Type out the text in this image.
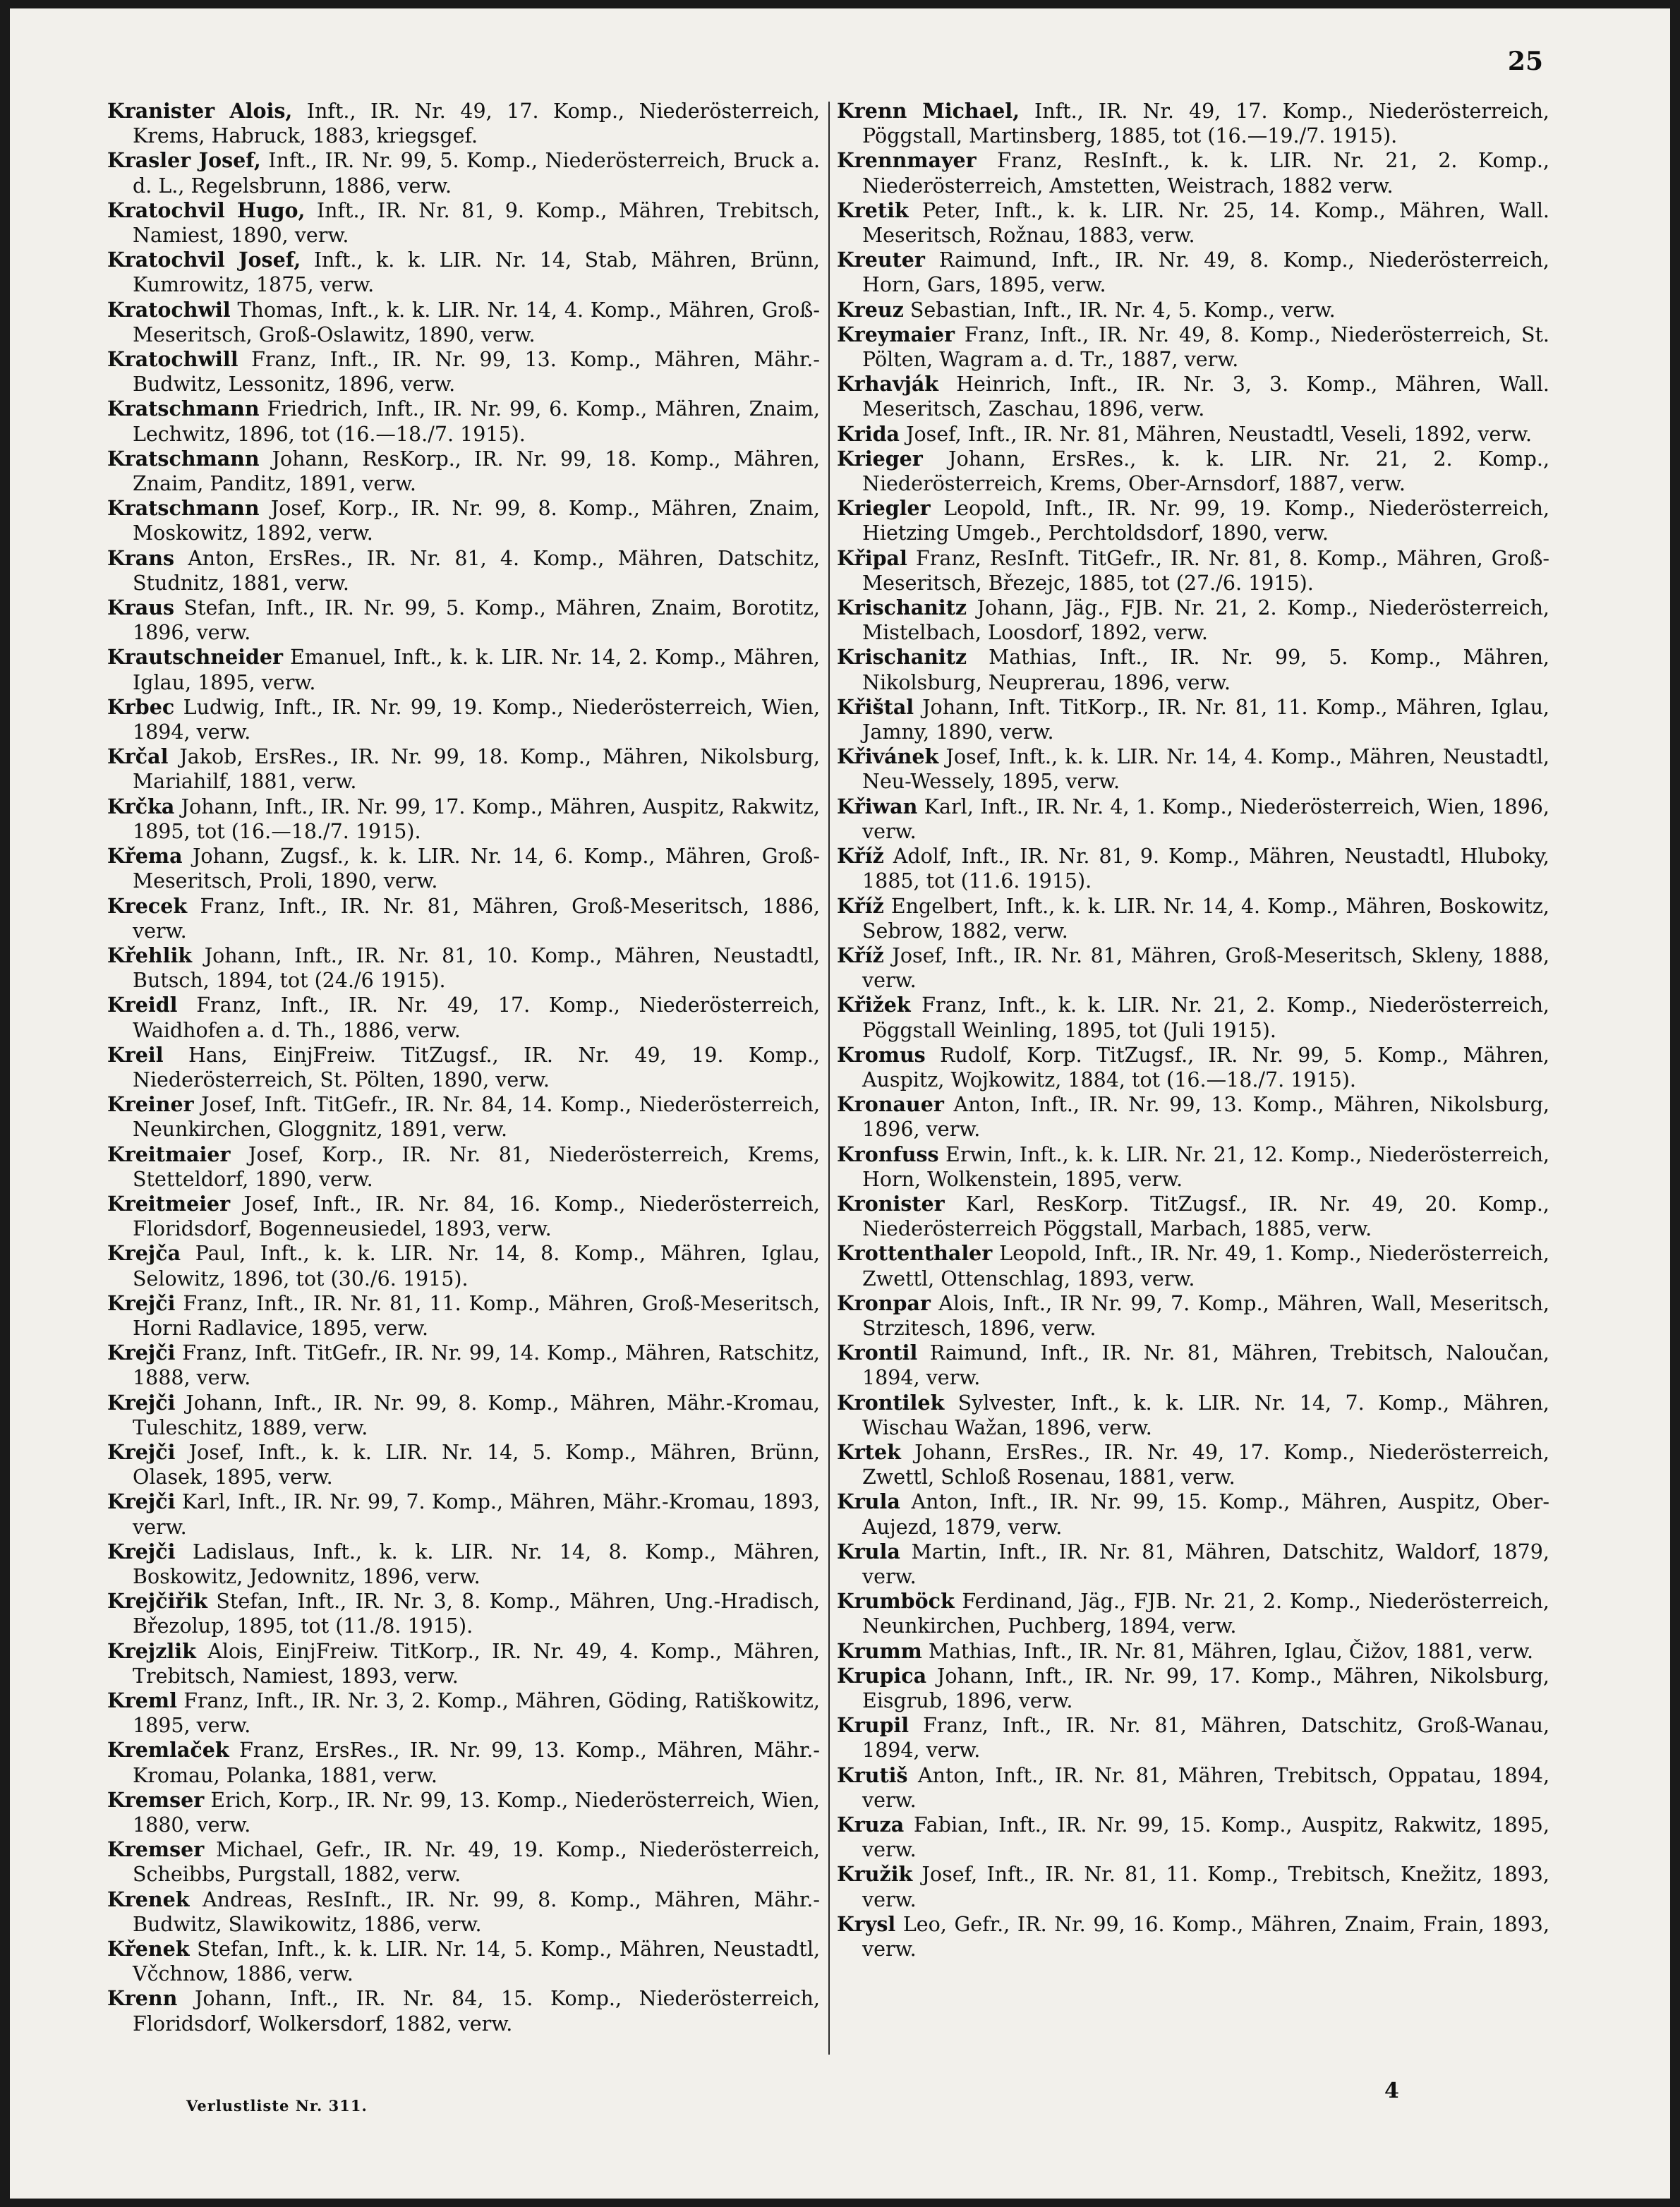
25

Kranister Alois, Inft., IR. Nr. 49, 17. Komp., Niederösterreich, Krems, Habruck, 1883, kriegsgef.

Krasler Josef, Inft., IR. Nr. 99, 5. Komp., Niederösterreich, Bruck a. d. L., Regelsbrunn, 1886, verw.

Kratochvil Hugo, Inft., IR. Nr. 81, 9. Komp., Mähren, Trebitsch, Namiest, 1890, verw.

Kratochvil Josef, Inft., k. k. LIR. Nr. 14, Stab, Mähren, Brünn, Kumrowitz, 1875, verw.

Kratochwil Thomas, Inft., k. k. LIR. Nr. 14, 4. Komp., Mähren, Groß-Meseritsch, Groß-Oslawitz, 1890, verw.

Kratochwill Franz, Inft., IR. Nr. 99, 13. Komp., Mähren, Mähr.-Budwitz, Lessonitz, 1896, verw.

Kratschmann Friedrich, Inft., IR. Nr. 99, 6. Komp., Mähren, Znaim, Lechwitz, 1896, tot (16.—18./7. 1915).

Kratschmann Johann, ResKorp., IR. Nr. 99, 18. Komp., Mähren, Znaim, Panditz, 1891, verw.

Kratschmann Josef, Korp., IR. Nr. 99, 8. Komp., Mähren, Znaim, Moskowitz, 1892, verw.

Krans Anton, ErsRes., IR. Nr. 81, 4. Komp., Mähren, Datschitz, Studnitz, 1881, verw.

Kraus Stefan, Inft., IR. Nr. 99, 5. Komp., Mähren, Znaim, Borotitz, 1896, verw.

Krautschneider Emanuel, Inft., k. k. LIR. Nr. 14, 2. Komp., Mähren, Iglau, 1895, verw.

Krbec Ludwig, Inft., IR. Nr. 99, 19. Komp., Niederösterreich, Wien, 1894, verw.

Krčal Jakob, ErsRes., IR. Nr. 99, 18. Komp., Mähren, Nikolsburg, Mariahilf, 1881, verw.

Krčka Johann, Inft., IR. Nr. 99, 17. Komp., Mähren, Auspitz, Rakwitz, 1895, tot (16.—18./7. 1915).

Křema Johann, Zugsf., k. k. LIR. Nr. 14, 6. Komp., Mähren, Groß-Meseritsch, Proli, 1890, verw.

Krecek Franz, Inft., IR. Nr. 81, Mähren, Groß-Meseritsch, 1886, verw.

Křehlik Johann, Inft., IR. Nr. 81, 10. Komp., Mähren, Neustadtl, Butsch, 1894, tot (24./6 1915).

Kreidl Franz, Inft., IR. Nr. 49, 17. Komp., Niederösterreich, Waidhofen a. d. Th., 1886, verw.

Kreil Hans, EinjFreiw. TitZugsf., IR. Nr. 49, 19. Komp., Niederösterreich, St. Pölten, 1890, verw.

Kreiner Josef, Inft. TitGefr., IR. Nr. 84, 14. Komp., Niederösterreich, Neunkirchen, Gloggnitz, 1891, verw.

Kreitmaier Josef, Korp., IR. Nr. 81, Niederösterreich, Krems, Stetteldorf, 1890, verw.

Kreitmeier Josef, Inft., IR. Nr. 84, 16. Komp., Niederösterreich, Floridsdorf, Bogenneusiedel, 1893, verw.

Krejča Paul, Inft., k. k. LIR. Nr. 14, 8. Komp., Mähren, Iglau, Selowitz, 1896, tot (30./6. 1915).

Krejči Franz, Inft., IR. Nr. 81, 11. Komp., Mähren, Groß-Meseritsch, Horni Radlavice, 1895, verw.

Krejči Franz, Inft. TitGefr., IR. Nr. 99, 14. Komp., Mähren, Ratschitz, 1888, verw.

Krejči Johann, Inft., IR. Nr. 99, 8. Komp., Mähren, Mähr.-Kromau, Tuleschitz, 1889, verw.

Krejči Josef, Inft., k. k. LIR. Nr. 14, 5. Komp., Mähren, Brünn, Olasek, 1895, verw.

Krejči Karl, Inft., IR. Nr. 99, 7. Komp., Mähren, Mähr.-Kromau, 1893, verw.

Krejči Ladislaus, Inft., k. k. LIR. Nr. 14, 8. Komp., Mähren, Boskowitz, Jedownitz, 1896, verw.

Krejčiřik Stefan, Inft., IR. Nr. 3, 8. Komp., Mähren, Ung.-Hradisch, Březolup, 1895, tot (11./8. 1915).

Krejzlik Alois, EinjFreiw. TitKorp., IR. Nr. 49, 4. Komp., Mähren, Trebitsch, Namiest, 1893, verw.

Kreml Franz, Inft., IR. Nr. 3, 2. Komp., Mähren, Göding, Ratiškowitz, 1895, verw.

Kremlaček Franz, ErsRes., IR. Nr. 99, 13. Komp., Mähren, Mähr.-Kromau, Polanka, 1881, verw.

Kremser Erich, Korp., IR. Nr. 99, 13. Komp., Niederösterreich, Wien, 1880, verw.

Kremser Michael, Gefr., IR. Nr. 49, 19. Komp., Niederösterreich, Scheibbs, Purgstall, 1882, verw.

Krenek Andreas, ResInft., IR. Nr. 99, 8. Komp., Mähren, Mähr.-Budwitz, Slawikowitz, 1886, verw.

Křenek Stefan, Inft., k. k. LIR. Nr. 14, 5. Komp., Mähren, Neustadtl, Včchnow, 1886, verw.

Krenn Johann, Inft., IR. Nr. 84, 15. Komp., Niederösterreich, Floridsdorf, Wolkersdorf, 1882, verw.

Krenn Michael, Inft., IR. Nr. 49, 17. Komp., Niederösterreich, Pöggstall, Martinsberg, 1885, tot (16.—19./7. 1915).

Krennmayer Franz, ResInft., k. k. LIR. Nr. 21, 2. Komp., Niederösterreich, Amstetten, Weistrach, 1882 verw.

Kretik Peter, Inft., k. k. LIR. Nr. 25, 14. Komp., Mähren, Wall. Meseritsch, Rožnau, 1883, verw.

Kreuter Raimund, Inft., IR. Nr. 49, 8. Komp., Niederösterreich, Horn, Gars, 1895, verw.

Kreuz Sebastian, Inft., IR. Nr. 4, 5. Komp., verw.

Kreymaier Franz, Inft., IR. Nr. 49, 8. Komp., Niederösterreich, St. Pölten, Wagram a. d. Tr., 1887, verw.

Krhavják Heinrich, Inft., IR. Nr. 3, 3. Komp., Mähren, Wall. Meseritsch, Zaschau, 1896, verw.

Krida Josef, Inft., IR. Nr. 81, Mähren, Neustadtl, Veseli, 1892, verw.

Krieger Johann, ErsRes., k. k. LIR. Nr. 21, 2. Komp., Niederösterreich, Krems, Ober-Arnsdorf, 1887, verw.

Kriegler Leopold, Inft., IR. Nr. 99, 19. Komp., Niederösterreich, Hietzing Umgeb., Perchtoldsdorf, 1890, verw.

Křipal Franz, ResInft. TitGefr., IR. Nr. 81, 8. Komp., Mähren, Groß-Meseritsch, Březejc, 1885, tot (27./6. 1915).

Krischanitz Johann, Jäg., FJB. Nr. 21, 2. Komp., Niederösterreich, Mistelbach, Loosdorf, 1892, verw.

Krischanitz Mathias, Inft., IR. Nr. 99, 5. Komp., Mähren, Nikolsburg, Neuprerau, 1896, verw.

Křištal Johann, Inft. TitKorp., IR. Nr. 81, 11. Komp., Mähren, Iglau, Jamny, 1890, verw.

Křivánek Josef, Inft., k. k. LIR. Nr. 14, 4. Komp., Mähren, Neustadtl, Neu-Wessely, 1895, verw.

Křiwan Karl, Inft., IR. Nr. 4, 1. Komp., Niederösterreich, Wien, 1896, verw.

Kříž Adolf, Inft., IR. Nr. 81, 9. Komp., Mähren, Neustadtl, Hluboky, 1885, tot (11.6. 1915).

Kříž Engelbert, Inft., k. k. LIR. Nr. 14, 4. Komp., Mähren, Boskowitz, Sebrow, 1882, verw.

Kříž Josef, Inft., IR. Nr. 81, Mähren, Groß-Meseritsch, Skleny, 1888, verw.

Křižek Franz, Inft., k. k. LIR. Nr. 21, 2. Komp., Niederösterreich, Pöggstall Weinling, 1895, tot (Juli 1915).

Kromus Rudolf, Korp. TitZugsf., IR. Nr. 99, 5. Komp., Mähren, Auspitz, Wojkowitz, 1884, tot (16.—18./7. 1915).

Kronauer Anton, Inft., IR. Nr. 99, 13. Komp., Mähren, Nikolsburg, 1896, verw.

Kronfuss Erwin, Inft., k. k. LIR. Nr. 21, 12. Komp., Niederösterreich, Horn, Wolkenstein, 1895, verw.

Kronister Karl, ResKorp. TitZugsf., IR. Nr. 49, 20. Komp., Niederösterreich Pöggstall, Marbach, 1885, verw.

Krottenthaler Leopold, Inft., IR. Nr. 49, 1. Komp., Niederösterreich, Zwettl, Ottenschlag, 1893, verw.

Kronpar Alois, Inft., IR Nr. 99, 7. Komp., Mähren, Wall, Meseritsch, Strzitesch, 1896, verw.

Krontil Raimund, Inft., IR. Nr. 81, Mähren, Trebitsch, Naloučan, 1894, verw.

Krontilek Sylvester, Inft., k. k. LIR. Nr. 14, 7. Komp., Mähren, Wischau Wažan, 1896, verw.

Krtek Johann, ErsRes., IR. Nr. 49, 17. Komp., Niederösterreich, Zwettl, Schloß Rosenau, 1881, verw.

Krula Anton, Inft., IR. Nr. 99, 15. Komp., Mähren, Auspitz, Ober-Aujezd, 1879, verw.

Krula Martin, Inft., IR. Nr. 81, Mähren, Datschitz, Waldorf, 1879, verw.

Krumböck Ferdinand, Jäg., FJB. Nr. 21, 2. Komp., Niederösterreich, Neunkirchen, Puchberg, 1894, verw.

Krumm Mathias, Inft., IR. Nr. 81, Mähren, Iglau, Čižov, 1881, verw.

Krupica Johann, Inft., IR. Nr. 99, 17. Komp., Mähren, Nikolsburg, Eisgrub, 1896, verw.

Krupil Franz, Inft., IR. Nr. 81, Mähren, Datschitz, Groß-Wanau, 1894, verw.

Krutiš Anton, Inft., IR. Nr. 81, Mähren, Trebitsch, Oppatau, 1894, verw.

Kruza Fabian, Inft., IR. Nr. 99, 15. Komp., Auspitz, Rakwitz, 1895, verw.

Kružik Josef, Inft., IR. Nr. 81, 11. Komp., Trebitsch, Knežitz, 1893, verw.

Krysl Leo, Gefr., IR. Nr. 99, 16. Komp., Mähren, Znaim, Frain, 1893, verw.

Verlustliste Nr. 311.
4
